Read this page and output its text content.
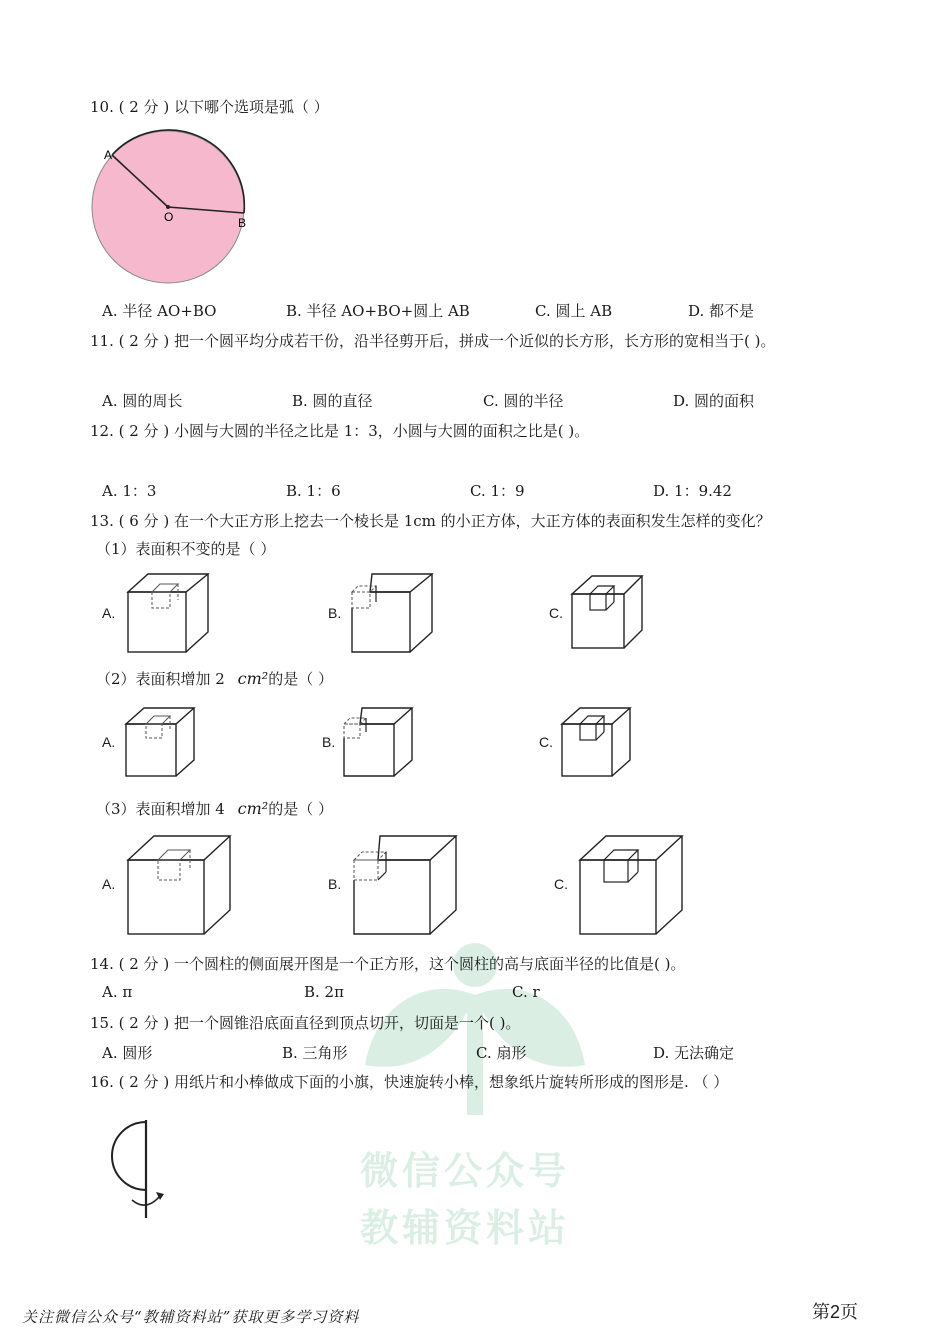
微信公众号
教辅资料站
10. ( 2 分 ) 以下哪个选项是弧（ ）
A
O	B
A. 半径 AO+BO	B. 半径 AO+BO+圆上 AB	C. 圆上 AB	D. 都不是
11. ( 2 分 ) 把一个圆平均分成若干份，沿半径剪开后，拼成一个近似的长方形，长方形的宽相当于( )。
A. 圆的周长	B. 圆的直径	C. 圆的半径	D. 圆的面积
12. ( 2 分 ) 小圆与大圆的半径之比是 1：3，小圆与大圆的面积之比是( )。
A. 1：3	B. 1：6	C. 1：9	D. 1：9.42
13. ( 6 分 ) 在一个大正方形上挖去一个棱长是 1cm 的小正方体，大正方体的表面积发生怎样的变化？
（1）表面积不变的是（ ）
A.	B.	C.
（2）表面积增加 2 cm²的是（ ）
A.	B.	C.
（3）表面积增加 4 cm²的是（ ）
A.	B.	C.
14. ( 2 分 ) 一个圆柱的侧面展开图是一个正方形，这个圆柱的高与底面半径的比值是( )。
A. π	B. 2π	C. r
15. ( 2 分 ) 把一个圆锥沿底面直径到顶点切开，切面是一个( )。
A. 圆形	B. 三角形	C. 扇形	D. 无法确定
16. ( 2 分 ) 用纸片和小棒做成下面的小旗，快速旋转小棒，想象纸片旋转所形成的图形是. （ ）
关注微信公众号“教辅资料站”获取更多学习资料	第2页
